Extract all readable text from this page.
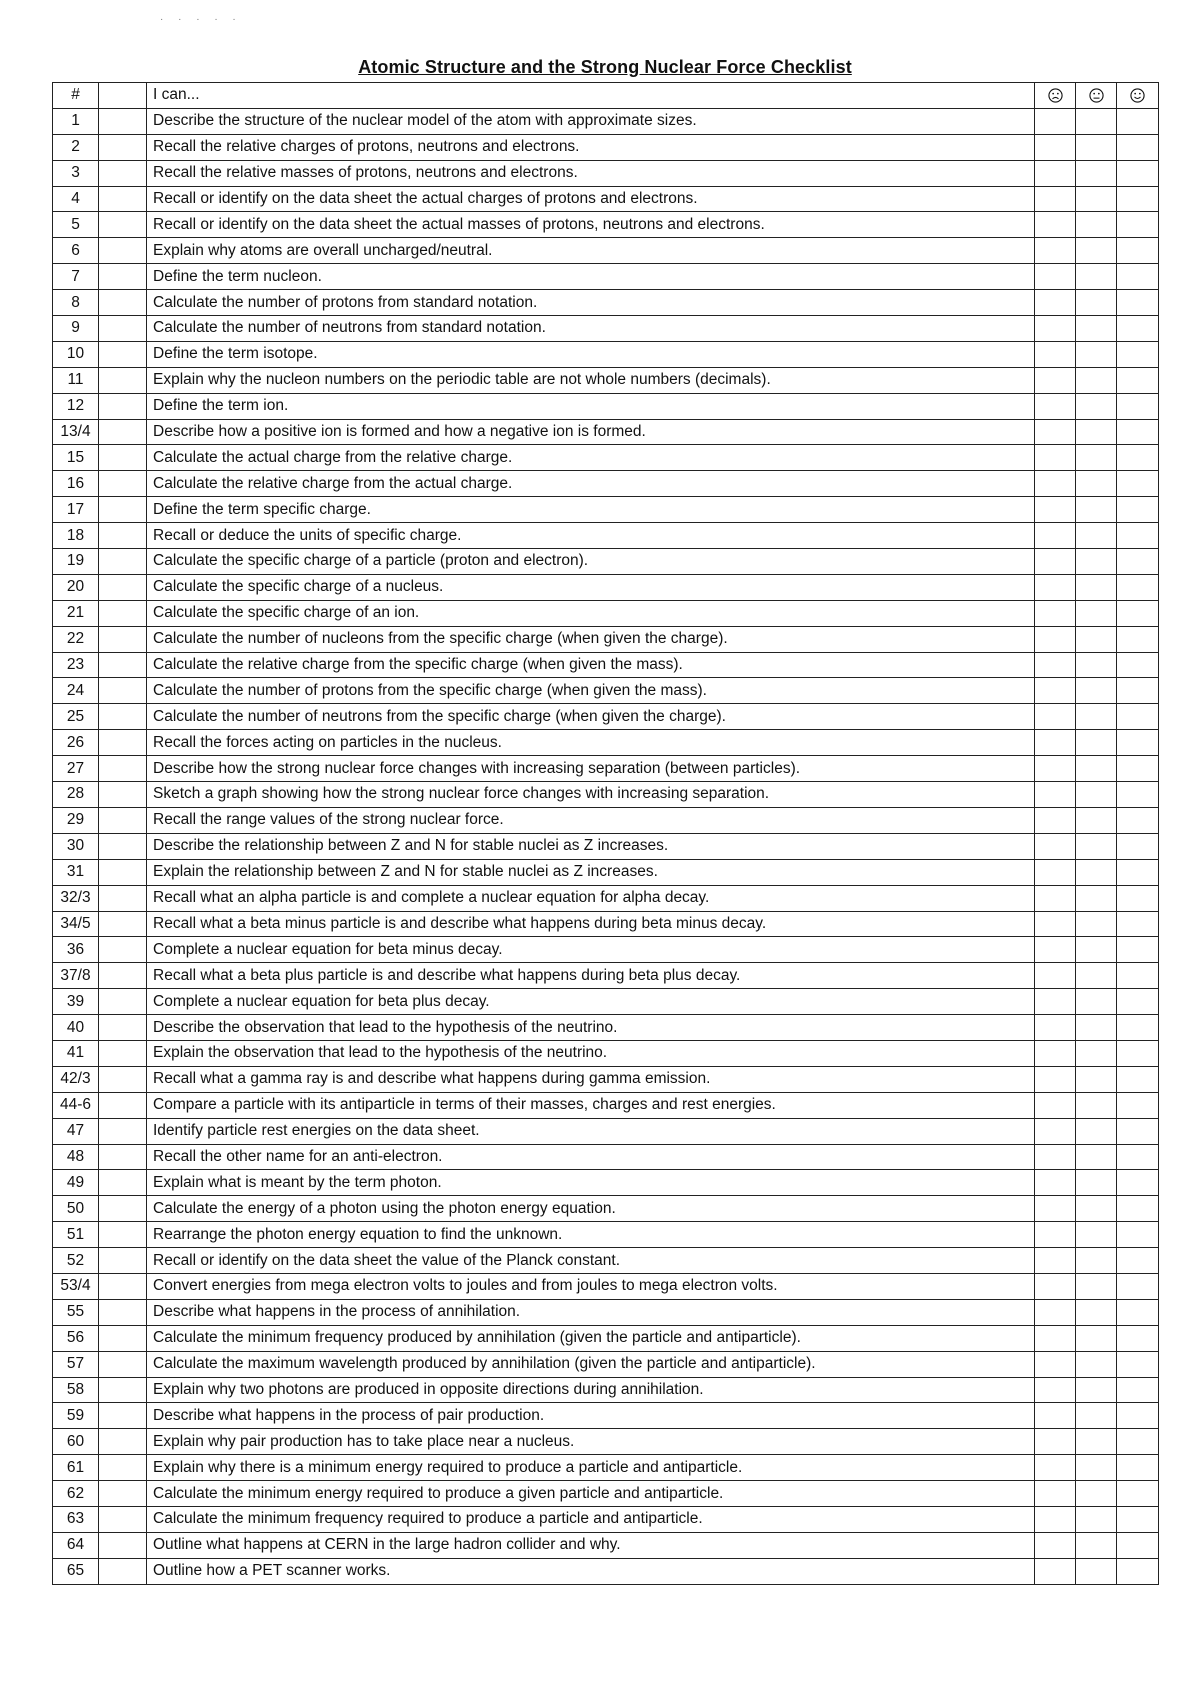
· · · · ·
Atomic Structure and the Strong Nuclear Force Checklist
#		I can...	

1		Describe the structure of the nuclear model of the atom with approximate sizes.			
2		Recall the relative charges of protons, neutrons and electrons.			
3		Recall the relative masses of protons, neutrons and electrons.			
4		Recall or identify on the data sheet the actual charges of protons and electrons.			
5		Recall or identify on the data sheet the actual masses of protons, neutrons and electrons.			
6		Explain why atoms are overall uncharged/neutral.			
7		Define the term nucleon.			
8		Calculate the number of protons from standard notation.			
9		Calculate the number of neutrons from standard notation.			
10		Define the term isotope.			
11		Explain why the nucleon numbers on the periodic table are not whole numbers (decimals).			
12		Define the term ion.			
13/4		Describe how a positive ion is formed and how a negative ion is formed.			
15		Calculate the actual charge from the relative charge.			
16		Calculate the relative charge from the actual charge.			
17		Define the term specific charge.			
18		Recall or deduce the units of specific charge.			
19		Calculate the specific charge of a particle (proton and electron).			
20		Calculate the specific charge of a nucleus.			
21		Calculate the specific charge of an ion.			
22		Calculate the number of nucleons from the specific charge (when given the charge).			
23		Calculate the relative charge from the specific charge (when given the mass).			
24		Calculate the number of protons from the specific charge (when given the mass).			
25		Calculate the number of neutrons from the specific charge (when given the charge).			
26		Recall the forces acting on particles in the nucleus.			
27		Describe how the strong nuclear force changes with increasing separation (between particles).			
28		Sketch a graph showing how the strong nuclear force changes with increasing separation.			
29		Recall the range values of the strong nuclear force.			
30		Describe the relationship between Z and N for stable nuclei as Z increases.			
31		Explain the relationship between Z and N for stable nuclei as Z increases.			
32/3		Recall what an alpha particle is and complete a nuclear equation for alpha decay.			
34/5		Recall what a beta minus particle is and describe what happens during beta minus decay.			
36		Complete a nuclear equation for beta minus decay.			
37/8		Recall what a beta plus particle is and describe what happens during beta plus decay.			
39		Complete a nuclear equation for beta plus decay.			
40		Describe the observation that lead to the hypothesis of the neutrino.			
41		Explain the observation that lead to the hypothesis of the neutrino.			
42/3		Recall what a gamma ray is and describe what happens during gamma emission.			
44-6		Compare a particle with its antiparticle in terms of their masses, charges and rest energies.			
47		Identify particle rest energies on the data sheet.			
48		Recall the other name for an anti-electron.			
49		Explain what is meant by the term photon.			
50		Calculate the energy of a photon using the photon energy equation.			
51		Rearrange the photon energy equation to find the unknown.			
52		Recall or identify on the data sheet the value of the Planck constant.			
53/4		Convert energies from mega electron volts to joules and from joules to mega electron volts.			
55		Describe what happens in the process of annihilation.			
56		Calculate the minimum frequency produced by annihilation (given the particle and antiparticle).			
57		Calculate the maximum wavelength produced by annihilation (given the particle and antiparticle).			
58		Explain why two photons are produced in opposite directions during annihilation.			
59		Describe what happens in the process of pair production.			
60		Explain why pair production has to take place near a nucleus.			
61		Explain why there is a minimum energy required to produce a particle and antiparticle.			
62		Calculate the minimum energy required to produce a given particle and antiparticle.			
63		Calculate the minimum frequency required to produce a particle and antiparticle.			
64		Outline what happens at CERN in the large hadron collider and why.			
65		Outline how a PET scanner works.			
